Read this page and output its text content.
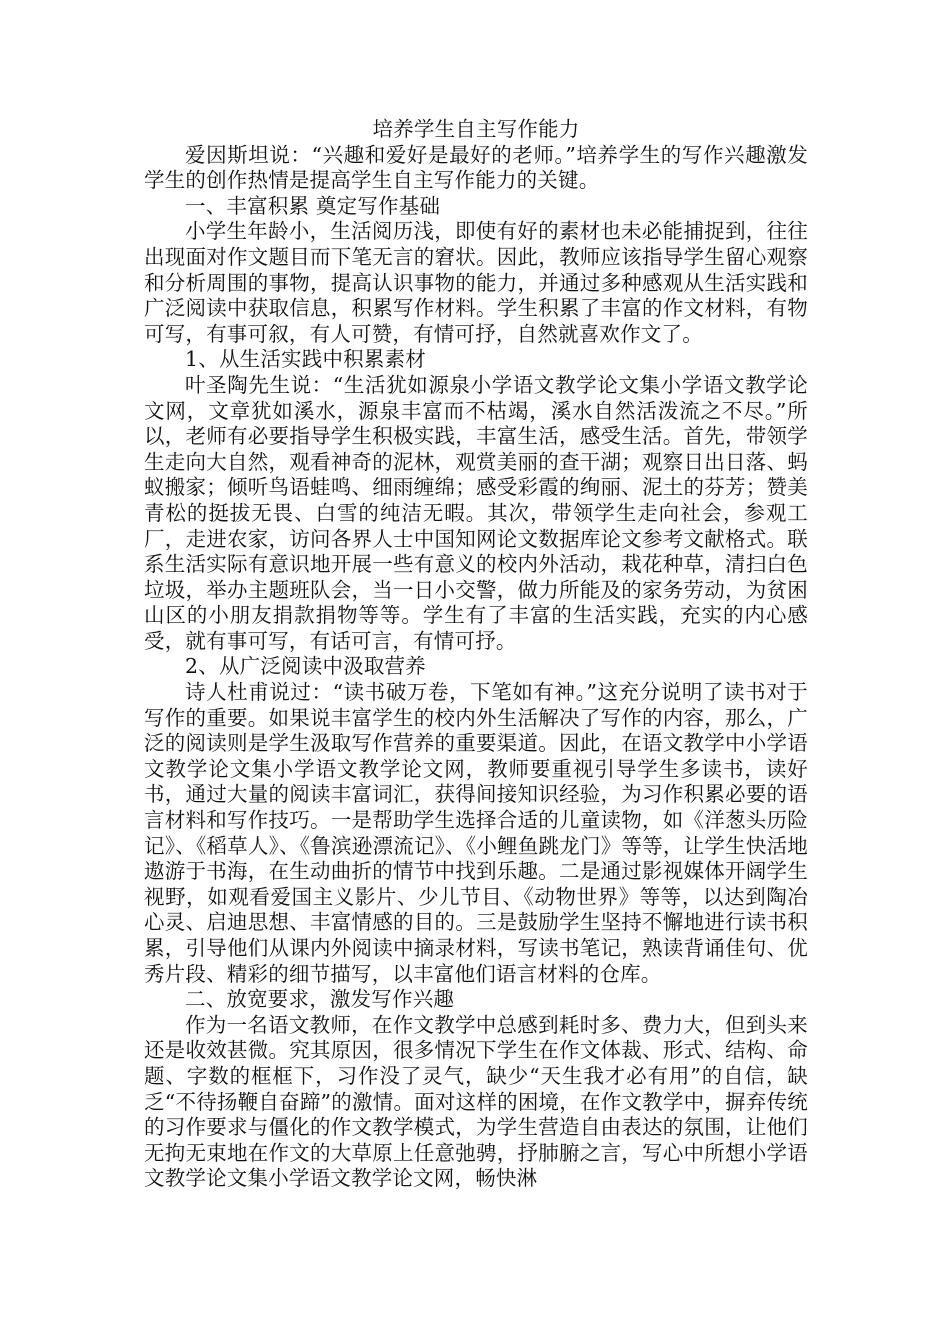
培养学生自主写作能力

爱因斯坦说：“兴趣和爱好是最好的老师。”培养学生的写作兴趣激发学生的创作热情是提高学生自主写作能力的关键。

一、丰富积累 奠定写作基础

小学生年龄小，生活阅历浅，即使有好的素材也未必能捕捉到，往往出现面对作文题目而下笔无言的窘状。因此，教师应该指导学生留心观察和分析周围的事物，提高认识事物的能力，并通过多种感观从生活实践和广泛阅读中获取信息，积累写作材料。学生积累了丰富的作文材料，有物可写，有事可叙，有人可赞，有情可抒，自然就喜欢作文了。

1、从生活实践中积累素材

叶圣陶先生说：“生活犹如源泉小学语文教学论文集小学语文教学论文网，文章犹如溪水，源泉丰富而不枯竭，溪水自然活泼流之不尽。”所以，老师有必要指导学生积极实践，丰富生活，感受生活。首先，带领学生走向大自然，观看神奇的泥林，观赏美丽的查干湖；观察日出日落、蚂蚁搬家；倾听鸟语蛙鸣、细雨缠绵；感受彩霞的绚丽、泥土的芬芳；赞美青松的挺拔无畏、白雪的纯洁无暇。其次，带领学生走向社会，参观工厂，走进农家，访问各界人士中国知网论文数据库论文参考文献格式。联系生活实际有意识地开展一些有意义的校内外活动，栽花种草，清扫白色垃圾，举办主题班队会，当一日小交警，做力所能及的家务劳动，为贫困山区的小朋友捐款捐物等等。学生有了丰富的生活实践，充实的内心感受，就有事可写，有话可言，有情可抒。

2、从广泛阅读中汲取营养

诗人杜甫说过：“读书破万卷，下笔如有神。”这充分说明了读书对于写作的重要。如果说丰富学生的校内外生活解决了写作的内容，那么，广泛的阅读则是学生汲取写作营养的重要渠道。因此，在语文教学中小学语文教学论文集小学语文教学论文网，教师要重视引导学生多读书，读好书，通过大量的阅读丰富词汇，获得间接知识经验，为习作积累必要的语言材料和写作技巧。一是帮助学生选择合适的儿童读物，如《洋葱头历险记》、《稻草人》、《鲁滨逊漂流记》、《小鲤鱼跳龙门》等等，让学生快活地遨游于书海，在生动曲折的情节中找到乐趣。二是通过影视媒体开阔学生视野，如观看爱国主义影片、少儿节目、《动物世界》等等，以达到陶冶心灵、启迪思想、丰富情感的目的。三是鼓励学生坚持不懈地进行读书积累，引导他们从课内外阅读中摘录材料，写读书笔记，熟读背诵佳句、优秀片段、精彩的细节描写，以丰富他们语言材料的仓库。

二、放宽要求，激发写作兴趣

作为一名语文教师，在作文教学中总感到耗时多、费力大，但到头来还是收效甚微。究其原因，很多情况下学生在作文体裁、形式、结构、命题、字数的框框下，习作没了灵气，缺少“天生我才必有用”的自信，缺乏“不待扬鞭自奋蹄”的激情。面对这样的困境，在作文教学中，摒弃传统的习作要求与僵化的作文教学模式，为学生营造自由表达的氛围，让他们无拘无束地在作文的大草原上任意弛骋，抒肺腑之言，写心中所想小学语文教学论文集小学语文教学论文网，畅快淋
